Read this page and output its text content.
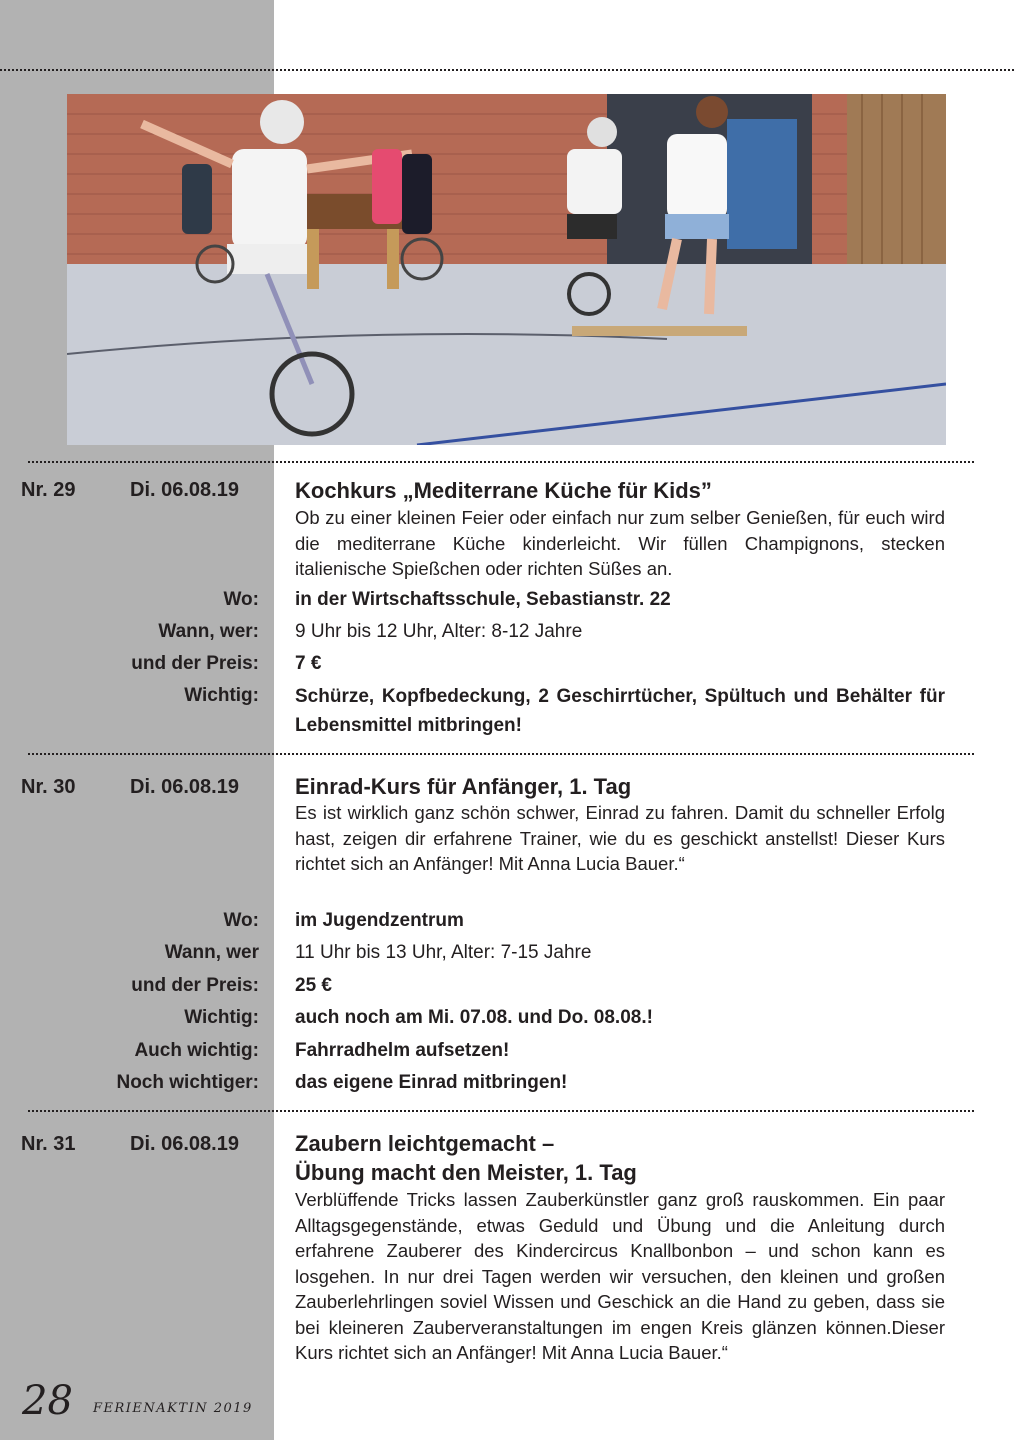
Nr. 29	Di. 06.08.19	Kochkurs „Mediterrane Küche für Kids”
Ob zu einer kleinen Feier oder einfach nur zum selber Genießen, für euch wird die mediterrane Küche kinderleicht. Wir füllen Champignons, stecken italienische Spießchen oder richten Süßes an.
Wo: in der Wirtschaftsschule, Sebastianstr. 22
Wann, wer: 9 Uhr bis 12 Uhr, Alter: 8-12 Jahre
und der Preis: 7 €
Wichtig: Schürze, Kopfbedeckung, 2 Geschirrtücher, Spültuch und Behälter für Lebensmittel mitbringen!
Nr. 30	Di. 06.08.19	Einrad-Kurs für Anfänger, 1. Tag
Es ist wirklich ganz schön schwer, Einrad zu fahren. Damit du schneller Erfolg hast, zeigen dir erfahrene Trainer, wie du es geschickt anstellst! Dieser Kurs richtet sich an Anfänger! Mit Anna Lucia Bauer.“
Wo: im Jugendzentrum
Wann, wer 11 Uhr bis 13 Uhr, Alter: 7-15 Jahre
und der Preis: 25 €
Wichtig: auch noch am Mi. 07.08. und Do. 08.08.!
Auch wichtig: Fahrradhelm aufsetzen!
Noch wichtiger: das eigene Einrad mitbringen!
Nr. 31	Di. 06.08.19	Zaubern leichtgemacht –
Übung macht den Meister, 1. Tag
Verblüffende Tricks lassen Zauberkünstler ganz groß rauskommen. Ein paar Alltagsgegenstände, etwas Geduld und Übung und die Anleitung durch erfahrene Zauberer des Kindercircus Knallbonbon – und schon kann es losgehen. In nur drei Tagen werden wir versuchen, den kleinen und großen Zauberlehrlingen soviel Wissen und Geschick an die Hand zu geben, dass sie bei kleineren Zauberveranstaltungen im engen Kreis glänzen können.Dieser Kurs richtet sich an Anfänger! Mit Anna Lucia Bauer.“
28 FERIENAKTIN 2019
